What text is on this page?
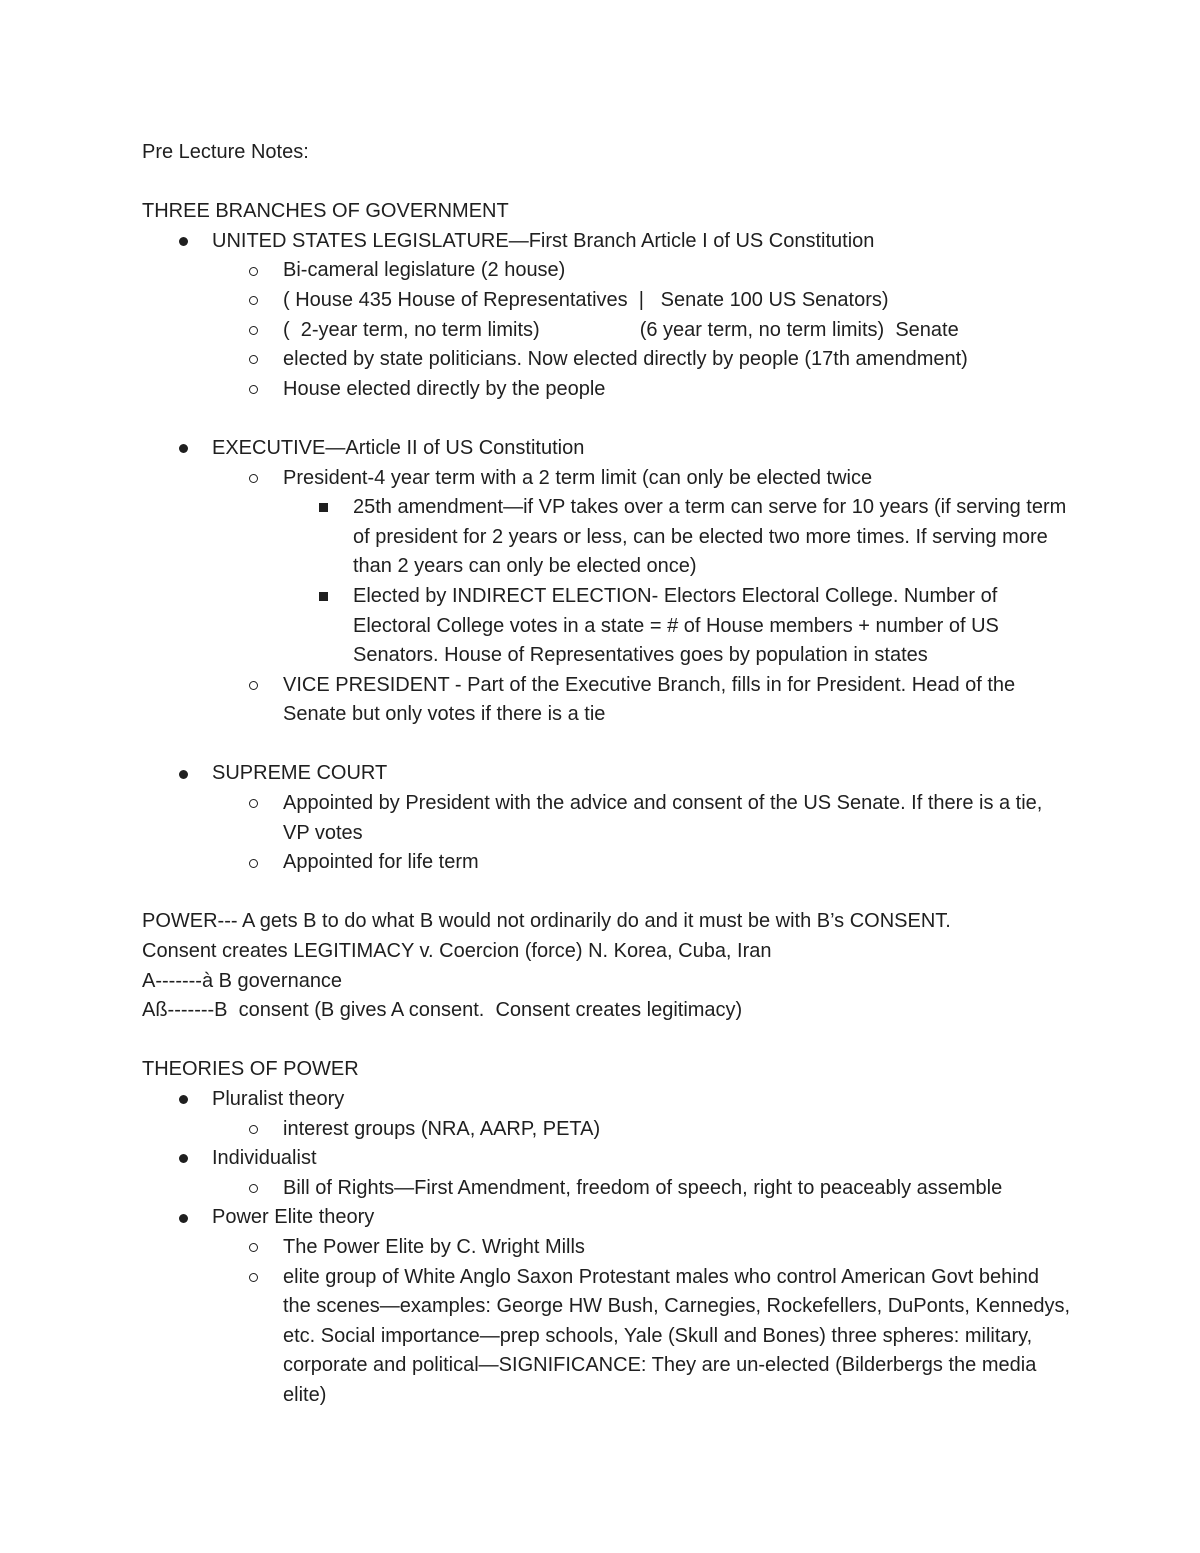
Pre Lecture Notes:
THREE BRANCHES OF GOVERNMENT
UNITED STATES LEGISLATURE—First Branch Article I of US Constitution
Bi-cameral legislature (2 house)
( House 435 House of Representatives  |   Senate 100 US Senators)
(  2-year term, no term limits)                  (6 year term, no term limits)  Senate
elected by state politicians. Now elected directly by people (17th amendment)
House elected directly by the people
EXECUTIVE—Article II of US Constitution
President-4 year term with a 2 term limit (can only be elected twice
25th amendment—if VP takes over a term can serve for 10 years (if serving term of president for 2 years or less, can be elected two more times. If serving more than 2 years can only be elected once)
Elected by INDIRECT ELECTION- Electors Electoral College. Number of Electoral College votes in a state = # of House members + number of US Senators. House of Representatives goes by population in states
VICE PRESIDENT - Part of the Executive Branch, fills in for President. Head of the Senate but only votes if there is a tie
SUPREME COURT
Appointed by President with the advice and consent of the US Senate. If there is a tie, VP votes
Appointed for life term
POWER--- A gets B to do what B would not ordinarily do and it must be with B’s CONSENT.
Consent creates LEGITIMACY v. Coercion (force) N. Korea, Cuba, Iran
A-------à B governance
Aß-------B  consent (B gives A consent.  Consent creates legitimacy)
THEORIES OF POWER
Pluralist theory
interest groups (NRA, AARP, PETA)
Individualist
Bill of Rights—First Amendment, freedom of speech, right to peaceably assemble
Power Elite theory
The Power Elite by C. Wright Mills
elite group of White Anglo Saxon Protestant males who control American Govt behind the scenes—examples: George HW Bush, Carnegies, Rockefellers, DuPonts, Kennedys, etc. Social importance—prep schools, Yale (Skull and Bones) three spheres: military, corporate and political—SIGNIFICANCE: They are un-elected (Bilderbergs the media elite)
